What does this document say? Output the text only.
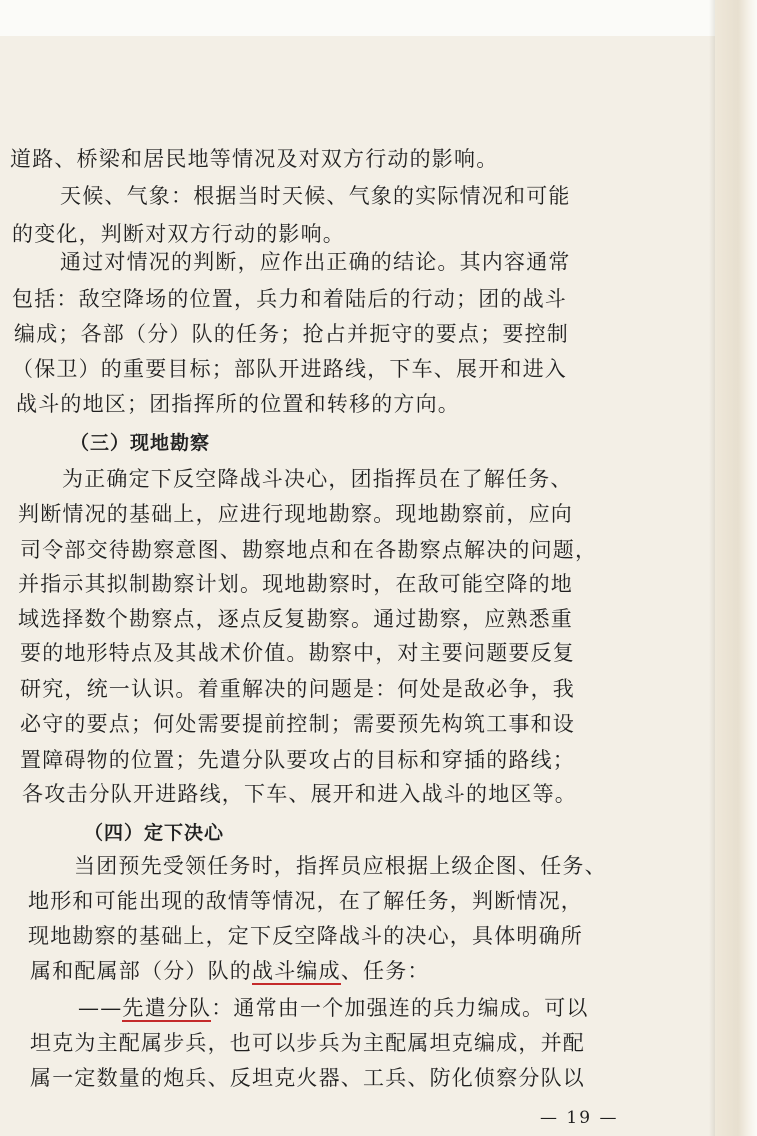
道路、桥梁和居民地等情况及对双方行动的影响。
天候、气象：根据当时天候、气象的实际情况和可能
的变化，判断对双方行动的影响。
通过对情况的判断，应作出正确的结论。其内容通常
包括：敌空降场的位置，兵力和着陆后的行动；团的战斗
编成；各部（分）队的任务；抢占并扼守的要点；要控制
（保卫）的重要目标；部队开进路线，下车、展开和进入
战斗的地区；团指挥所的位置和转移的方向。
（三）现地勘察
为正确定下反空降战斗决心，团指挥员在了解任务、
判断情况的基础上，应进行现地勘察。现地勘察前，应向
司令部交待勘察意图、勘察地点和在各勘察点解决的问题，
并指示其拟制勘察计划。现地勘察时，在敌可能空降的地
域选择数个勘察点，逐点反复勘察。通过勘察，应熟悉重
要的地形特点及其战术价值。勘察中，对主要问题要反复
研究，统一认识。着重解决的问题是：何处是敌必争，我
必守的要点；何处需要提前控制；需要预先构筑工事和设
置障碍物的位置；先遣分队要攻占的目标和穿插的路线；
各攻击分队开进路线，下车、展开和进入战斗的地区等。
（四）定下决心
当团预先受领任务时，指挥员应根据上级企图、任务、
地形和可能出现的敌情等情况，在了解任务，判断情况，
现地勘察的基础上，定下反空降战斗的决心，具体明确所
属和配属部（分）队的战斗编成、任务：
——先遣分队：通常由一个加强连的兵力编成。可以
坦克为主配属步兵，也可以步兵为主配属坦克编成，并配
属一定数量的炮兵、反坦克火器、工兵、防化侦察分队以
— 19 —
